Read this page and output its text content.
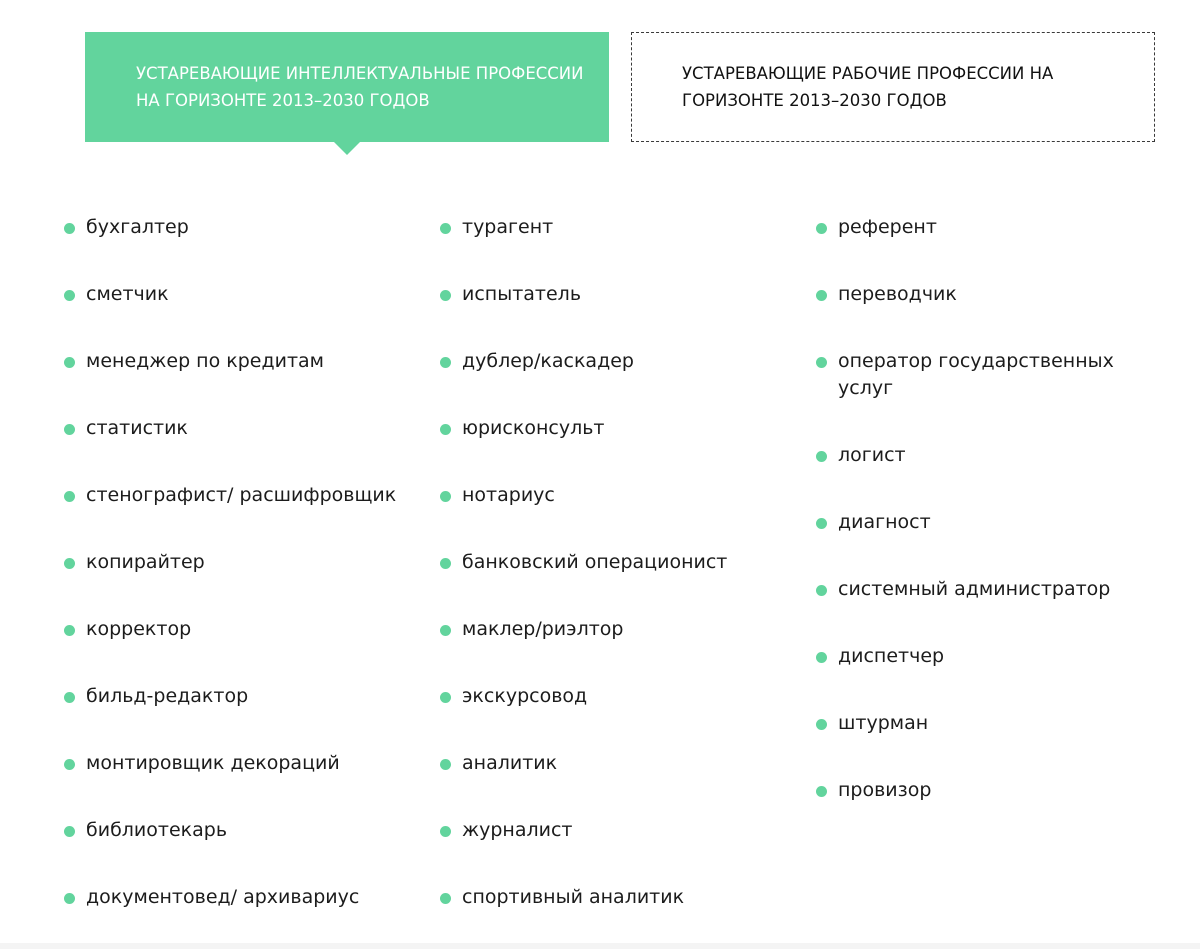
УСТАРЕВАЮЩИЕ ИНТЕЛЛЕКТУАЛЬНЫЕ ПРОФЕССИИ НА ГОРИЗОНТЕ 2013–2030 ГОДОВ
УСТАРЕВАЮЩИЕ РАБОЧИЕ ПРОФЕССИИ НА ГОРИЗОНТЕ 2013–2030 ГОДОВ
бухгалтер
сметчик
менеджер по кредитам
статистик
стенографист/ расшифровщик
копирайтер
корректор
бильд-редактор
монтировщик декораций
библиотекарь
документовед/ архивариус
турагент
испытатель
дублер/каскадер
юрисконсульт
нотариус
банковский операционист
маклер/риэлтор
экскурсовод
аналитик
журналист
спортивный аналитик
референт
переводчик
оператор государственных услуг
логист
диагност
системный администратор
диспетчер
штурман
провизор
